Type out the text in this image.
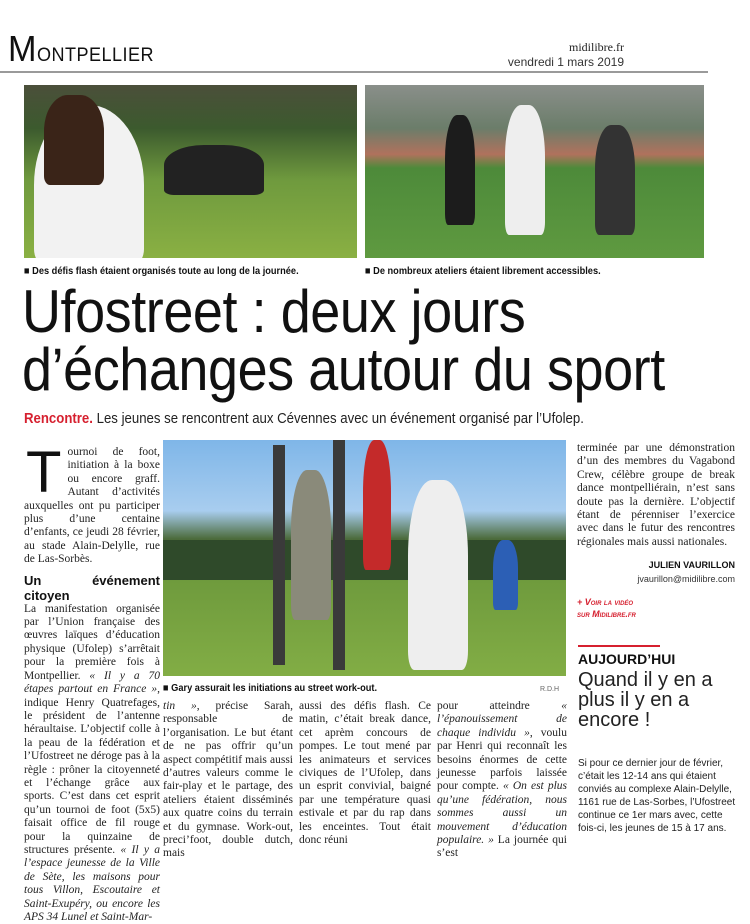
Montpellier	midilibre.fr
vendredi 1 mars 2019
■ Des défis flash étaient organisés toute au long de la journée.	■ De nombreux ateliers étaient librement accessibles.
Ufostreet : deux jours
d’échanges autour du sport
Rencontre. Les jeunes se rencontrent aux Cévennes avec un événement organisé par l’Ufolep.
T ournoi de foot, initiation à la boxe ou encore graff. Autant d’activités auxquelles ont pu participer plus d’une centaine d’enfants, ce jeudi 28 février, au stade Alain-Delylle, rue de Las-Sorbès.

Un événement citoyen

La manifestation organisée par l’Union française des œuvres laïques d’éducation physique (Ufolep) s’arrêtait pour la première fois à Montpellier. « Il y a 70 étapes partout en France », indique Henry Quatrefages, le président de l’antenne héraultaise. L’objectif colle à la peau de la fédération et l’Ufostreet ne déroge pas à la règle : prôner la citoyenneté et l’échange grâce aux sports. C’est dans cet esprit qu’un tournoi de foot (5x5) faisait office de fil rouge pour la quinzaine de structures présente. « Il y a l’espace jeunesse de la Ville de Sète, les maisons pour tous Villon, Escoutaire et Saint-Exupéry, ou encore les APS 34 Lunel et Saint-Mar-

■ Gary assurait les initiations au street work-out.	R.D.H

tin », précise Sarah, responsable de l’organisation. Le but étant de ne pas offrir qu’un aspect compétitif mais aussi d’autres valeurs comme le fair-play et le partage, des ateliers étaient disséminés aux quatre coins du terrain et du gymnase. Work-out, preci’foot, double dutch, mais

aussi des défis flash. Ce matin, c’était break dance, cet aprèm concours de pompes. Le tout mené par les animateurs et services civiques de l’Ufolep, dans un esprit convivial, baigné par une température quasi estivale et par du rap dans les enceintes. Tout était donc réuni

pour atteindre « l’épanouissement de chaque individu », voulu par Henri qui reconnaît les besoins énormes de cette jeunesse parfois laissée pour compte. « On est plus qu’une fédération, nous sommes aussi un mouvement d’éducation populaire. » La journée qui s’est

terminée par une démonstration d’un des membres du Vagabond Crew, célèbre groupe de break dance montpelliérain, n’est sans doute pas la dernière. L’objectif étant de pérenniser l’exercice avec dans le futur des rencontres régionales mais aussi nationales.

JULIEN VAURILLON
jvaurillon@midilibre.com
+ Voir la vidéo
sur Midilibre.fr
AUJOURD’HUI
Quand il y en a plus il y en a encore !
Si pour ce dernier jour de février, c’était les 12-14 ans qui étaient conviés au complexe Alain-Delylle, 1161 rue de Las-Sorbes, l’Ufostreet continue ce 1er mars avec, cette fois-ci, les jeunes de 15 à 17 ans.
